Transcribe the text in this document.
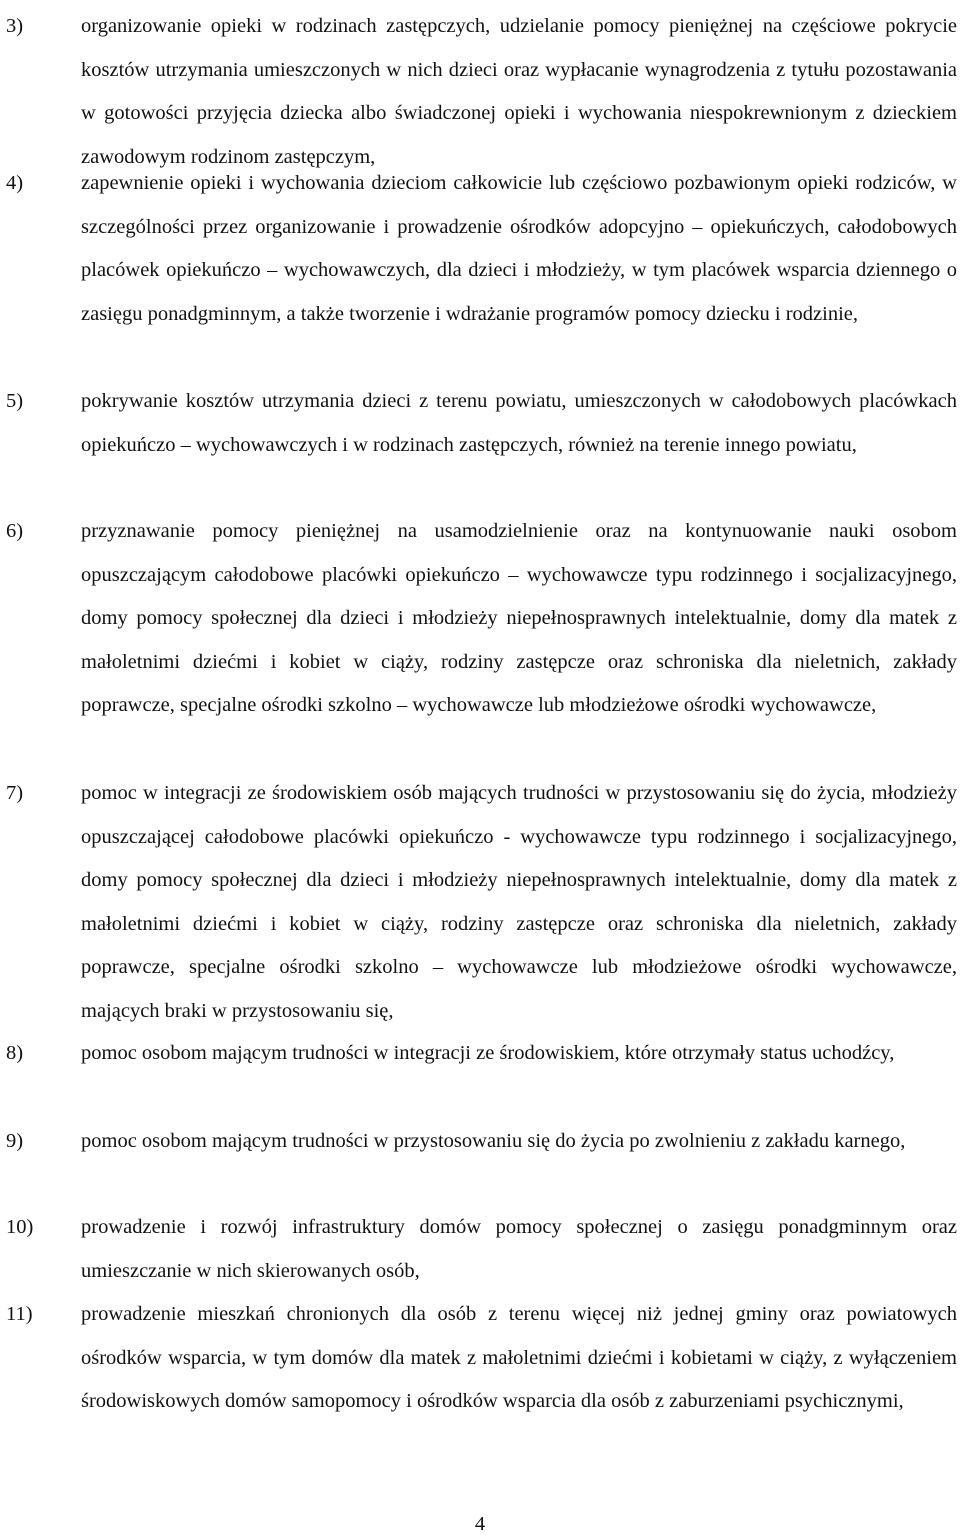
3)	organizowanie opieki w rodzinach zastępczych, udzielanie pomocy pieniężnej na częściowe pokrycie kosztów utrzymania umieszczonych w nich dzieci oraz wypłacanie wynagrodzenia z tytułu pozostawania w gotowości przyjęcia dziecka albo świadczonej opieki i wychowania niespokrewnionym z dzieckiem zawodowym rodzinom zastępczym,
4)	zapewnienie opieki i wychowania dzieciom całkowicie lub częściowo pozbawionym opieki rodziców, w szczególności przez organizowanie i prowadzenie ośrodków adopcyjno – opiekuńczych, całodobowych placówek opiekuńczo – wychowawczych, dla dzieci i młodzieży, w tym placówek wsparcia dziennego o zasięgu ponadgminnym, a także tworzenie i wdrażanie programów pomocy dziecku i rodzinie,
5)	pokrywanie kosztów utrzymania dzieci z terenu powiatu, umieszczonych w całodobowych placówkach opiekuńczo – wychowawczych i w rodzinach zastępczych, również na terenie innego powiatu,
6)	przyznawanie pomocy pieniężnej na usamodzielnienie oraz na kontynuowanie nauki osobom opuszczającym całodobowe placówki opiekuńczo – wychowawcze typu rodzinnego i socjalizacyjnego, domy pomocy społecznej dla dzieci i młodzieży niepełnosprawnych intelektualnie, domy dla matek z małoletnimi dziećmi i kobiet w ciąży, rodziny zastępcze oraz schroniska dla nieletnich, zakłady poprawcze, specjalne ośrodki szkolno – wychowawcze lub młodzieżowe ośrodki wychowawcze,
7)	pomoc w integracji ze środowiskiem osób mających trudności w przystosowaniu się do życia, młodzieży opuszczającej całodobowe placówki opiekuńczo - wychowawcze typu rodzinnego i socjalizacyjnego, domy pomocy społecznej dla dzieci i młodzieży niepełnosprawnych intelektualnie, domy dla matek z małoletnimi dziećmi i kobiet w ciąży, rodziny zastępcze oraz schroniska dla nieletnich, zakłady poprawcze, specjalne ośrodki szkolno – wychowawcze lub młodzieżowe ośrodki wychowawcze, mających braki w przystosowaniu się,
8)	pomoc osobom mającym trudności w integracji ze środowiskiem, które otrzymały status uchodźcy,
9)	pomoc osobom mającym trudności w przystosowaniu się do życia po zwolnieniu z zakładu karnego,
10) prowadzenie i rozwój infrastruktury domów pomocy społecznej o zasięgu ponadgminnym oraz umieszczanie w nich skierowanych osób,
11) prowadzenie mieszkań chronionych dla osób z terenu więcej niż jednej gminy oraz powiatowych ośrodków wsparcia, w tym domów dla matek z małoletnimi dziećmi i kobietami w ciąży, z wyłączeniem środowiskowych domów samopomocy i ośrodków wsparcia dla osób z zaburzeniami psychicznymi,
4
